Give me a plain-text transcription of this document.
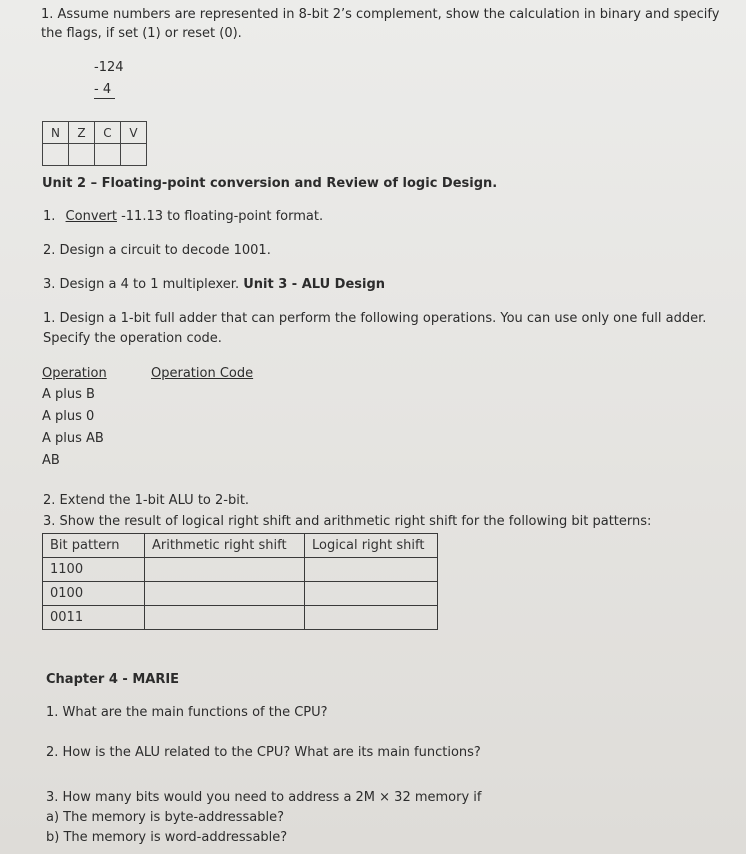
1. Assume numbers are represented in 8-bit 2’s complement, show the calculation in binary and specify
the flags, if set (1) or reset (0).
-124
- 4
N	Z	C	V

Unit 2 – Floating-point conversion and Review of logic Design.
1. Convert -11.13 to floating-point format.
2. Design a circuit to decode 1001.
3. Design a 4 to 1 multiplexer. Unit 3 - ALU Design
1. Design a 1-bit full adder that can perform the following operations. You can use only one full adder.
Specify the operation code.
Operation	Operation Code
A plus B
A plus 0
A plus AB
AB
2. Extend the 1-bit ALU to 2-bit.
3. Show the result of logical right shift and arithmetic right shift for the following bit patterns:
Bit pattern	Arithmetic right shift	Logical right shift
1100		
0100		
0011		
Chapter 4 - MARIE
1. What are the main functions of the CPU?
2. How is the ALU related to the CPU? What are its main functions?
3. How many bits would you need to address a 2M × 32 memory if
a) The memory is byte-addressable?
b) The memory is word-addressable?
